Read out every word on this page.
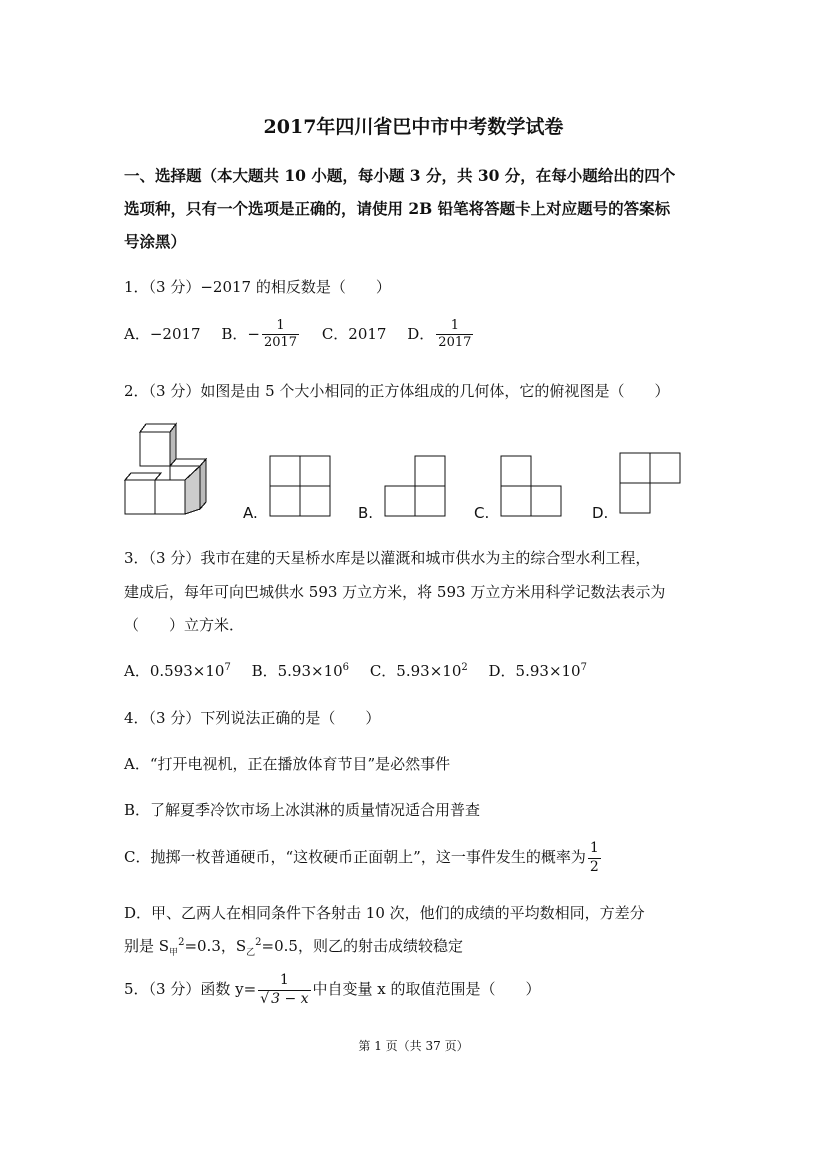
2017年四川省巴中市中考数学试卷
一、选择题（本大题共 10 小题，每小题 3 分，共 30 分，在每小题给出的四个
选项种，只有一个选项是正确的，请使用 2B 铅笔将答题卡上对应题号的答案标
号涂黑）
1．（3 分）−2017 的相反数是（　　）
A．−2017 B．− $\frac{1}{2017}$ C．2017 D． $\frac{1}{2017}$
2．（3 分）如图是由 5 个大小相同的正方体组成的几何体，它的俯视图是（　　）
A.	B.	C.	D.
3．（3 分）我市在建的天星桥水库是以灌溉和城市供水为主的综合型水利工程，
建成后，每年可向巴城供水 593 万立方米，将 593 万立方米用科学记数法表示为
（　　）立方米．
A．$0.593\times 10^7$ B．$5.93\times 10^6$ C．$5.93\times 10^2$ D．$5.93\times 10^7$
4．（3 分）下列说法正确的是（　　）
A．“打开电视机，正在播放体育节目”是必然事件
B．了解夏季冷饮市场上冰淇淋的质量情况适合用普查
C．抛掷一枚普通硬币，“这枚硬币正面朝上”，这一事件发生的概率为 $\frac{1}{2}$
D．甲、乙两人在相同条件下各射击 10 次，他们的成绩的平均数相同，方差分
别是 $S_甲^2=0.3$，$S_乙^2=0.5$，则乙的射击成绩较稳定
5．（3 分）函数 $y= \frac{1}{√ 3 - x}$ 中自变量 x 的取值范围是（　　）
第 1 页（共 37 页）
